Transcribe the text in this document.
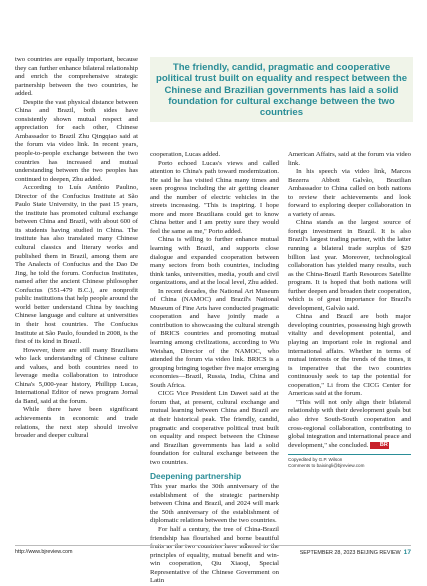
The friendly, candid, pragmatic and cooperative political trust built on equality and respect between the Chinese and Brazilian governments has laid a solid foundation for cultural exchange between the two countries

two countries are equally important, because they can further enhance bilateral relationship and enrich the comprehensive strategic partnership between the two countries, he added.

Despite the vast physical distance between China and Brazil, both sides have consistently shown mutual respect and appreciation for each other, Chinese Ambassador to Brazil Zhu Qingqiao said at the forum via video link. In recent years, people-to-people exchange between the two countries has increased and mutual understanding between the two peoples has continued to deepen, Zhu added.

According to Luís Antônio Paulino, Director of the Confucius Institute at São Paulo State University, in the past 15 years, the institute has promoted cultural exchange between China and Brazil, with about 600 of its students having studied in China. The institute has also translated many Chinese cultural classics and literary works and published them in Brazil, among them are The Analects of Confucius and the Dao De Jing, he told the forum. Confucius Institutes, named after the ancient Chinese philosopher Confucius (551-479 B.C.), are nonprofit public institutions that help people around the world better understand China by teaching Chinese language and culture at universities in their host countries. The Confucius Institute at São Paulo, founded in 2008, is the first of its kind in Brazil.

However, there are still many Brazilians who lack understanding of Chinese culture and values, and both countries need to leverage media collaboration to introduce China's 5,000-year history, Phillipp Lucas, International Editor of news program Jornal da Band, said at the forum.

While there have been significant achievements in economic and trade relations, the next step should involve broader and deeper cultural

cooperation, Lucas added.

Porto echoed Lucas's views and called attention to China's path toward modernization. He said he has visited China many times and seen progress including the air getting cleaner and the number of electric vehicles in the streets increasing. "This is inspiring. I hope more and more Brazilians could get to know China better and I am pretty sure they would feel the same as me," Porto added.

China is willing to further enhance mutual learning with Brazil, and supports close dialogue and expanded cooperation between many sectors from both countries, including think tanks, universities, media, youth and civil organizations, and at the local level, Zhu added.

In recent decades, the National Art Museum of China (NAMOC) and Brazil's National Museum of Fine Arts have conducted pragmatic cooperation and have jointly made a contribution to showcasing the cultural strength of BRICS countries and promoting mutual learning among civilizations, according to Wu Weishan, Director of the NAMOC, who attended the forum via video link. BRICS is a grouping bringing together five major emerging economies—Brazil, Russia, India, China and South Africa.

CICG Vice President Lin Dawei said at the forum that, at present, cultural exchange and mutual learning between China and Brazil are at their historical peak. The friendly, candid, pragmatic and cooperative political trust built on equality and respect between the Chinese and Brazilian governments has laid a solid foundation for cultural exchange between the two countries.

Deepening partnership

This year marks the 30th anniversary of the establishment of the strategic partnership between China and Brazil, and 2024 will mark the 50th anniversary of the establishment of diplomatic relations between the two countries.

For half a century, the tree of China-Brazil friendship has flourished and borne beautiful fruits as the two countries have adhered to the principles of equality, mutual benefit and win-win cooperation, Qiu Xiaoqi, Special Representative of the Chinese Government on Latin

American Affairs, said at the forum via video link.

In his speech via video link, Marcos Bezerra Abbott Galvão, Brazilian Ambassador to China called on both nations to review their achievements and look forward to exploring deeper collaboration in a variety of areas.

China stands as the largest source of foreign investment in Brazil. It is also Brazil's largest trading partner, with the latter running a bilateral trade surplus of $29 billion last year. Moreover, technological collaboration has yielded many results, such as the China-Brazil Earth Resources Satellite program. It is hoped that both nations will further deepen and broaden their cooperation, which is of great importance for Brazil's development, Galvão said.

China and Brazil are both major developing countries, possessing high growth vitality and development potential, and playing an important role in regional and international affairs. Whether in terms of mutual interests or the trends of the times, it is imperative that the two countries continuously seek to tap the potential for cooperation," Li from the CICG Center for Americas said at the forum.

"This will not only align their bilateral relationship with their development goals but also drive South-South cooperation and cross-regional collaboration, contributing to global integration and international peace and development," she concluded. BR

Copyedited by G.P. Wilson
Comments to baixingli@bjreview.com
http://www.bjreview.com	SEPTEMBER 28, 2023 BEIJING REVIEW 17
